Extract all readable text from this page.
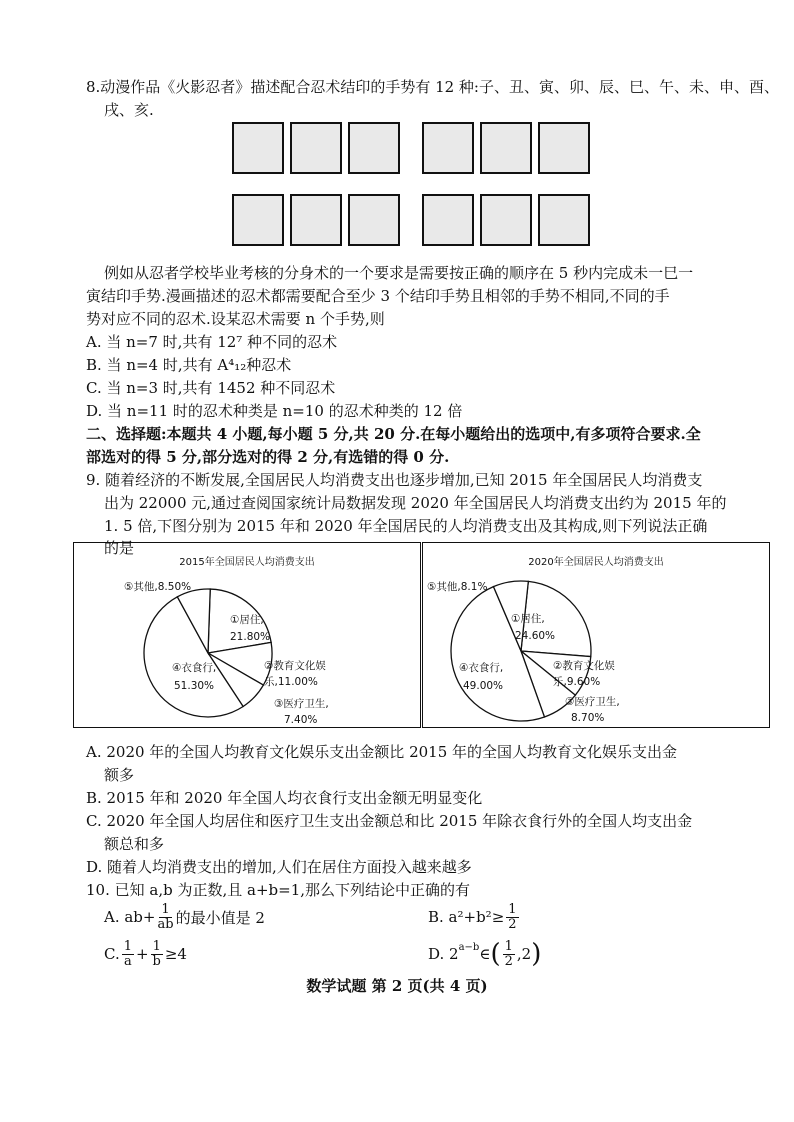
8.动漫作品《火影忍者》描述配合忍术结印的手势有 12 种:子、丑、寅、卯、辰、巳、午、未、申、酉、
戌、亥.
例如从忍者学校毕业考核的分身术的一个要求是需要按正确的顺序在 5 秒内完成未一巳一
寅结印手势.漫画描述的忍术都需要配合至少 3 个结印手势且相邻的手势不相同,不同的手
势对应不同的忍术.设某忍术需要 n 个手势,则
A. 当 n=7 时,共有 12⁷ 种不同的忍术
B. 当 n=4 时,共有 A⁴₁₂种忍术
C. 当 n=3 时,共有 1452 种不同忍术
D. 当 n=11 时的忍术种类是 n=10 的忍术种类的 12 倍
二、选择题:本题共 4 小题,每小题 5 分,共 20 分.在每小题给出的选项中,有多项符合要求.全
部选对的得 5 分,部分选对的得 2 分,有选错的得 0 分.
9. 随着经济的不断发展,全国居民人均消费支出也逐步增加,已知 2015 年全国居民人均消费支
出为 22000 元,通过查阅国家统计局数据发现 2020 年全国居民人均消费支出约为 2015 年的
1. 5 倍,下图分别为 2015 年和 2020 年全国居民的人均消费支出及其构成,则下列说法正确
的是
2015年全国居民人均消费支出
①居住,
21.80%
②教育文化娱
乐,11.00%
③医疗卫生,
7.40%
④衣食行,
51.30%
⑤其他,8.50%
2020年全国居民人均消费支出
①居住,
24.60%
②教育文化娱
乐,9.60%
③医疗卫生,
8.70%
④衣食行,
49.00%
⑤其他,8.1%
A. 2020 年的全国人均教育文化娱乐支出金额比 2015 年的全国人均教育文化娱乐支出金
额多
B. 2015 年和 2020 年全国人均衣食行支出金额无明显变化
C. 2020 年全国人均居住和医疗卫生支出金额总和比 2015 年除衣食行外的全国人均支出金
额总和多
D. 随着人均消费支出的增加,人们在居住方面投入越来越多
10. 已知 a,b 为正数,且 a+b=1,那么下列结论中正确的有
A. $ab+ \frac{1}{ab}$ 的最小值是 2	B. $a^2+b^2\ge \frac{1}{2}$
C. $\frac{1}{a} + \frac{1}{b} \ge 4$	D. $2^{a-b}$ ∈ ( $\frac{1}{2} ,2$ )
数学试题 第 2 页(共 4 页)
